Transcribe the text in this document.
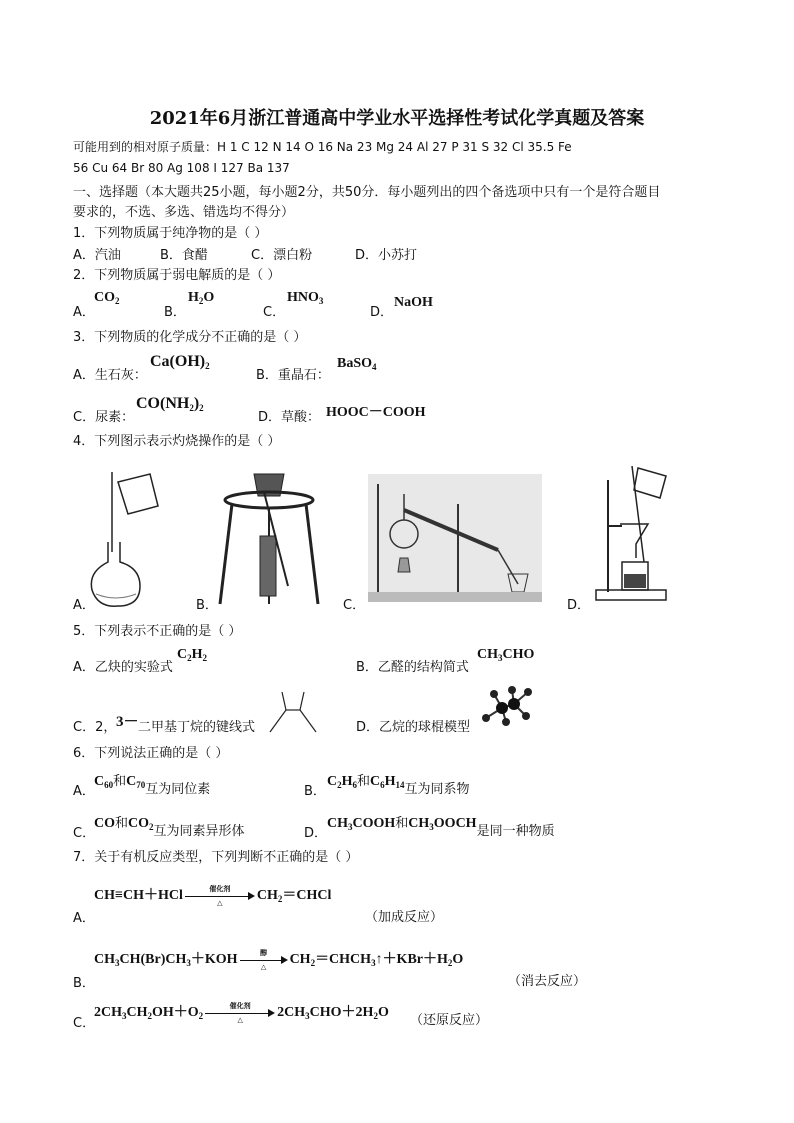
2021年6月浙江普通高中学业水平选择性考试化学真题及答案
可能用到的相对原子质量：H 1 C 12 N 14 O 16 Na 23 Mg 24 Al 27 P 31 S 32 Cl 35.5 Fe
56 Cu 64 Br 80 Ag 108 I 127 Ba 137
一、选择题（本大题共25小题，每小题2分，共50分．每小题列出的四个备选项中只有一个是符合题目
要求的，不选、多选、错选均不得分）
1．下列物质属于纯净物的是（ ）
A．汽油	B．食醋	C．漂白粉	D．小苏打
2．下列物质属于弱电解质的是（ ）
A．
$CO_2$
B．
$H_2O$
C．
$HNO_3$
D．
NaOH
3．下列物质的化学成分不正确的是（ ）
A．生石灰：
$Ca(OH)_2$
B．重晶石：
BaSO$_4$
C．尿素：
$CO(NH_2)_2$
D．草酸： HOOC－COOH
4．下列图示表示灼烧操作的是（ ）
A．	B．	C．	D．
5．下列表示不正确的是（ ）
A．乙炔的实验式
$C_2H_2$
B．乙醛的结构简式
$CH_3CHO$
C．2， 3－ 二甲基丁烷的键线式	D．乙烷的球棍模型
6．下列说法正确的是（ ）
A．
$C_{60}$和$C_{70}$互为同位素	B．
$C_2H_6$和$C_6H_{14}$互为同系物
C．
CO和$CO_2$互为同素异形体	D．
$CH_3COOH$和$CH_3OOCH$是同一种物质
7．关于有机反应类型，下列判断不正确的是（ ）
A．
CH≡CH＋HCl	催化剂
△	$CH_2=CHCl$
（加成反应）
B．
$CH_3CH(Br)CH_3+KOH$	醇
△	$CH_2=CHCH_3↑+KBr+H_2O$
（消去反应）
C．
$2CH_3CH_2OH+O_2$
催化剂
△	$2CH_3CHO+2H_2O$
（还原反应）
